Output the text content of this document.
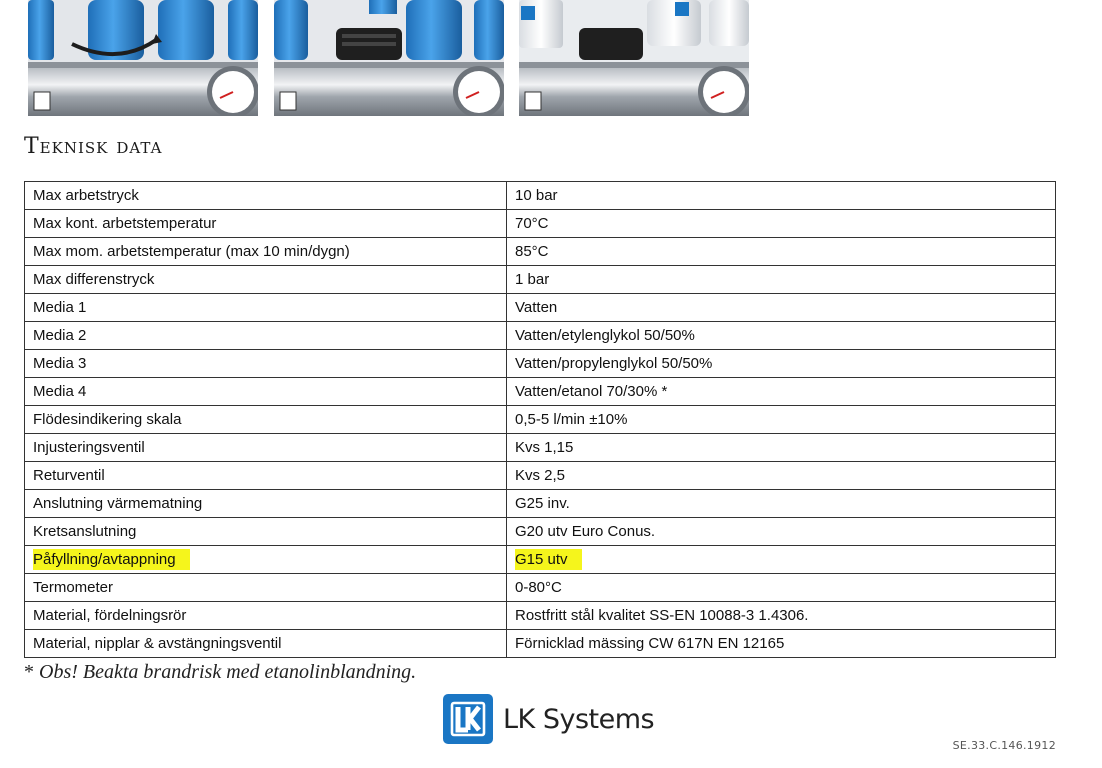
Teknisk data
Max arbetstryck	10 bar
Max kont. arbetstemperatur	70°C
Max mom. arbetstemperatur (max 10 min/dygn)	85°C
Max differenstryck	1 bar
Media 1	Vatten
Media 2	Vatten/etylenglykol 50/50%
Media 3	Vatten/propylenglykol 50/50%
Media 4	Vatten/etanol 70/30% *
Flödesindikering skala	0,5-5 l/min ±10%
Injusteringsventil	Kvs 1,15
Returventil	Kvs 2,5
Anslutning värmematning	G25 inv.
Kretsanslutning	G20 utv Euro Conus.
Påfyllning/avtappning	G15 utv
Termometer	0-80°C
Material, fördelningsrör	Rostfritt stål kvalitet SS-EN 10088-3 1.4306.
Material, nipplar & avstängningsventil	Förnicklad mässing CW 617N EN 12165
* Obs! Beakta brandrisk med etanolinblandning.
LK Systems
SE.33.C.146.1912
